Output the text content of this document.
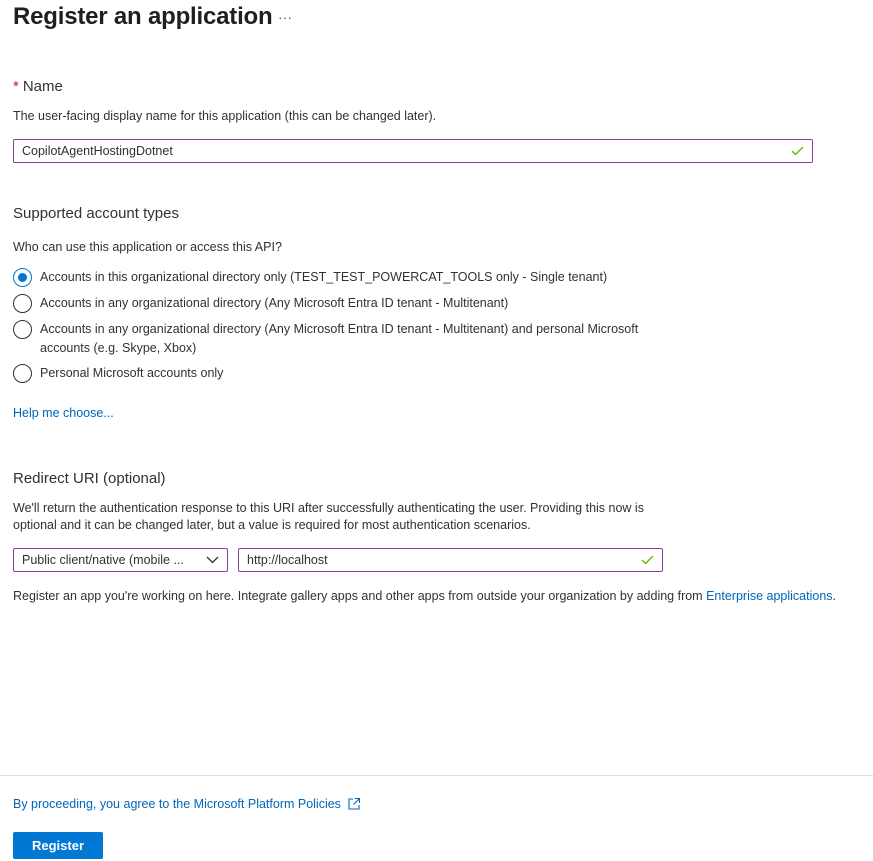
Register an application ···
* Name
The user-facing display name for this application (this can be changed later).
CopilotAgentHostingDotnet
Supported account types
Who can use this application or access this API?
Accounts in this organizational directory only (TEST_TEST_POWERCAT_TOOLS only - Single tenant)
Accounts in any organizational directory (Any Microsoft Entra ID tenant - Multitenant)
Accounts in any organizational directory (Any Microsoft Entra ID tenant - Multitenant) and personal Microsoft accounts (e.g. Skype, Xbox)
Personal Microsoft accounts only
Help me choose...
Redirect URI (optional)
We'll return the authentication response to this URI after successfully authenticating the user. Providing this now is
optional and it can be changed later, but a value is required for most authentication scenarios.
Public client/native (mobile ...	http://localhost
Register an app you're working on here. Integrate gallery apps and other apps from outside your organization by adding from Enterprise applications.
By proceeding, you agree to the Microsoft Platform Policies
Register
